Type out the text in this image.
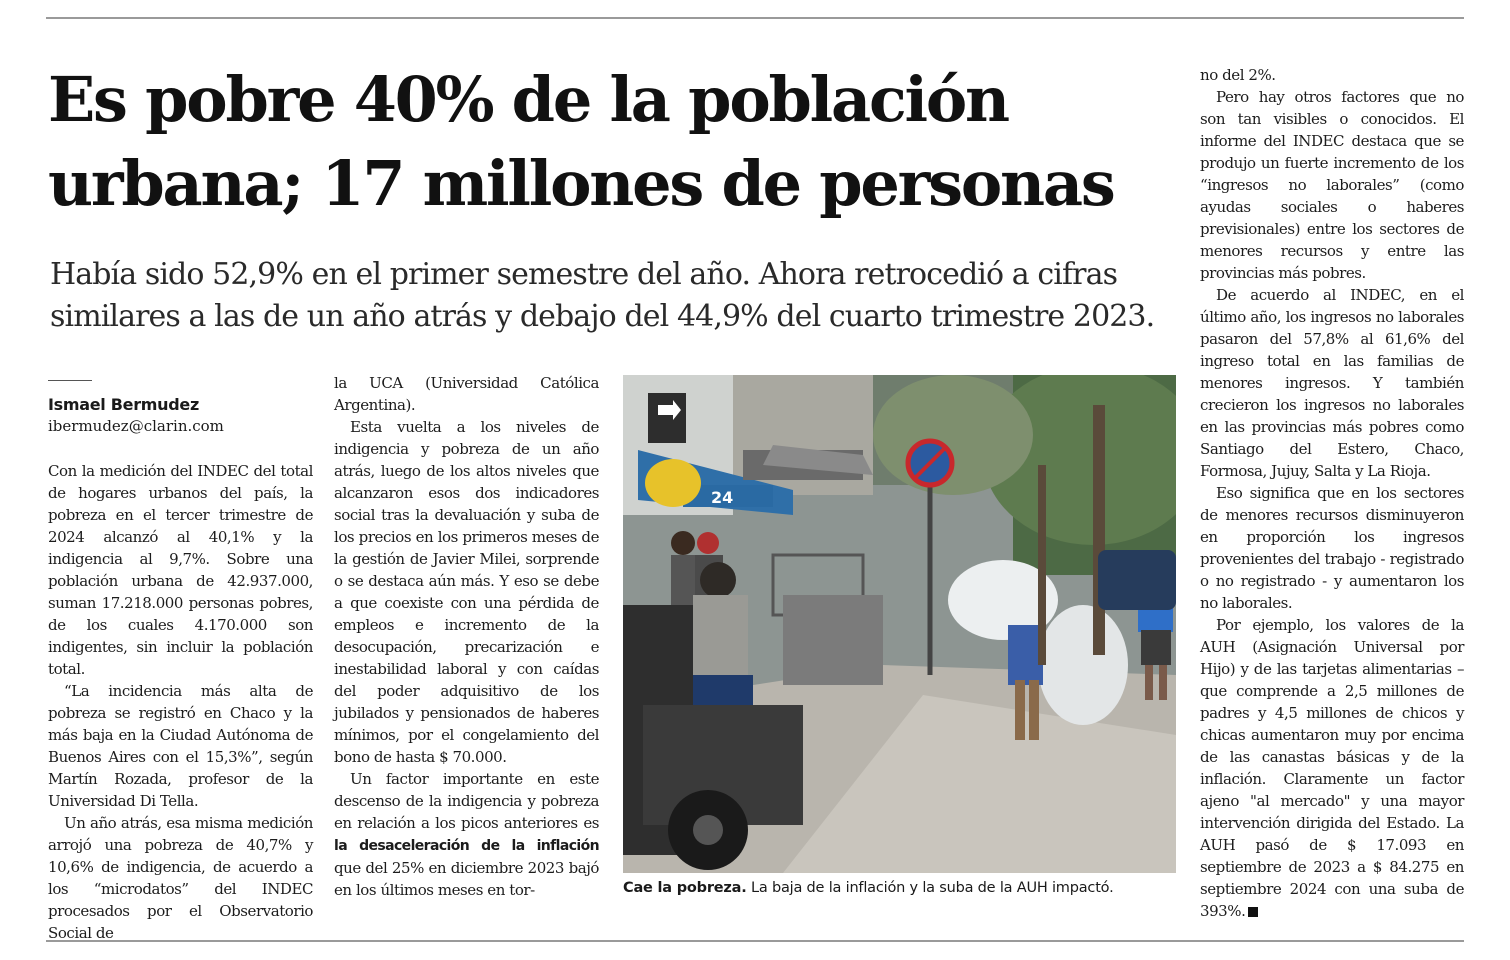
Es pobre 40% de la población urbana; 17 millones de personas
Había sido 52,9% en el primer semestre del año. Ahora retrocedió a cifras similares a las de un año atrás y debajo del 44,9% del cuarto trimestre 2023.
Ismael Bermudez
ibermudez@clarin.com

Con la medición del INDEC del total de hogares urbanos del país, la pobreza en el tercer trimestre de 2024 alcanzó al 40,1% y la indigencia al 9,7%. Sobre una población urbana de 42.937.000, suman 17.218.000 personas pobres, de los cuales 4.170.000 son indigentes, sin incluir la población total.

“La incidencia más alta de pobreza se registró en Chaco y la más baja en la Ciudad Autónoma de Buenos Aires con el 15,3%”, según Martín Rozada, profesor de la Universidad Di Tella.

Un año atrás, esa misma medición arrojó una pobreza de 40,7% y 10,6% de indigencia, de acuerdo a los “microdatos” del INDEC procesados por el Observatorio Social de

la UCA (Universidad Católica Argentina).

Esta vuelta a los niveles de indigencia y pobreza de un año atrás, luego de los altos niveles que alcanzaron esos dos indicadores social tras la devaluación y suba de los precios en los primeros meses de la gestión de Javier Milei, sorprende o se destaca aún más. Y eso se debe a que coexiste con una pérdida de empleos e incremento de la desocupación, precarización e inestabilidad laboral y con caídas del poder adquisitivo de los jubilados y pensionados de haberes mínimos, por el congelamiento del bono de hasta $ 70.000.

Un factor importante en este descenso de la indigencia y pobreza en relación a los picos anteriores es la desaceleración de la inflación que del 25% en diciembre 2023 bajó en los últimos meses en tor-

24
Cae la pobreza. La baja de la inflación y la suba de la AUH impactó.

no del 2%.

Pero hay otros factores que no son tan visibles o conocidos. El informe del INDEC destaca que se produjo un fuerte incremento de los “ingresos no laborales” (como ayudas sociales o haberes previsionales) entre los sectores de menores recursos y entre las provincias más pobres.

De acuerdo al INDEC, en el último año, los ingresos no laborales pasaron del 57,8% al 61,6% del ingreso total en las familias de menores ingresos. Y también crecieron los ingresos no laborales en las provincias más pobres como Santiago del Estero, Chaco, Formosa, Jujuy, Salta y La Rioja.

Eso significa que en los sectores de menores recursos disminuyeron en proporción los ingresos provenientes del trabajo - registrado o no registrado - y aumentaron los no laborales.

Por ejemplo, los valores de la AUH (Asignación Universal por Hijo) y de las tarjetas alimentarias – que comprende a 2,5 millones de padres y 4,5 millones de chicos y chicas aumentaron muy por encima de las canastas básicas y de la inflación. Claramente un factor ajeno "al mercado" y una mayor intervención dirigida del Estado. La AUH pasó de $ 17.093 en septiembre de 2023 a $ 84.275 en septiembre 2024 con una suba de 393%.
